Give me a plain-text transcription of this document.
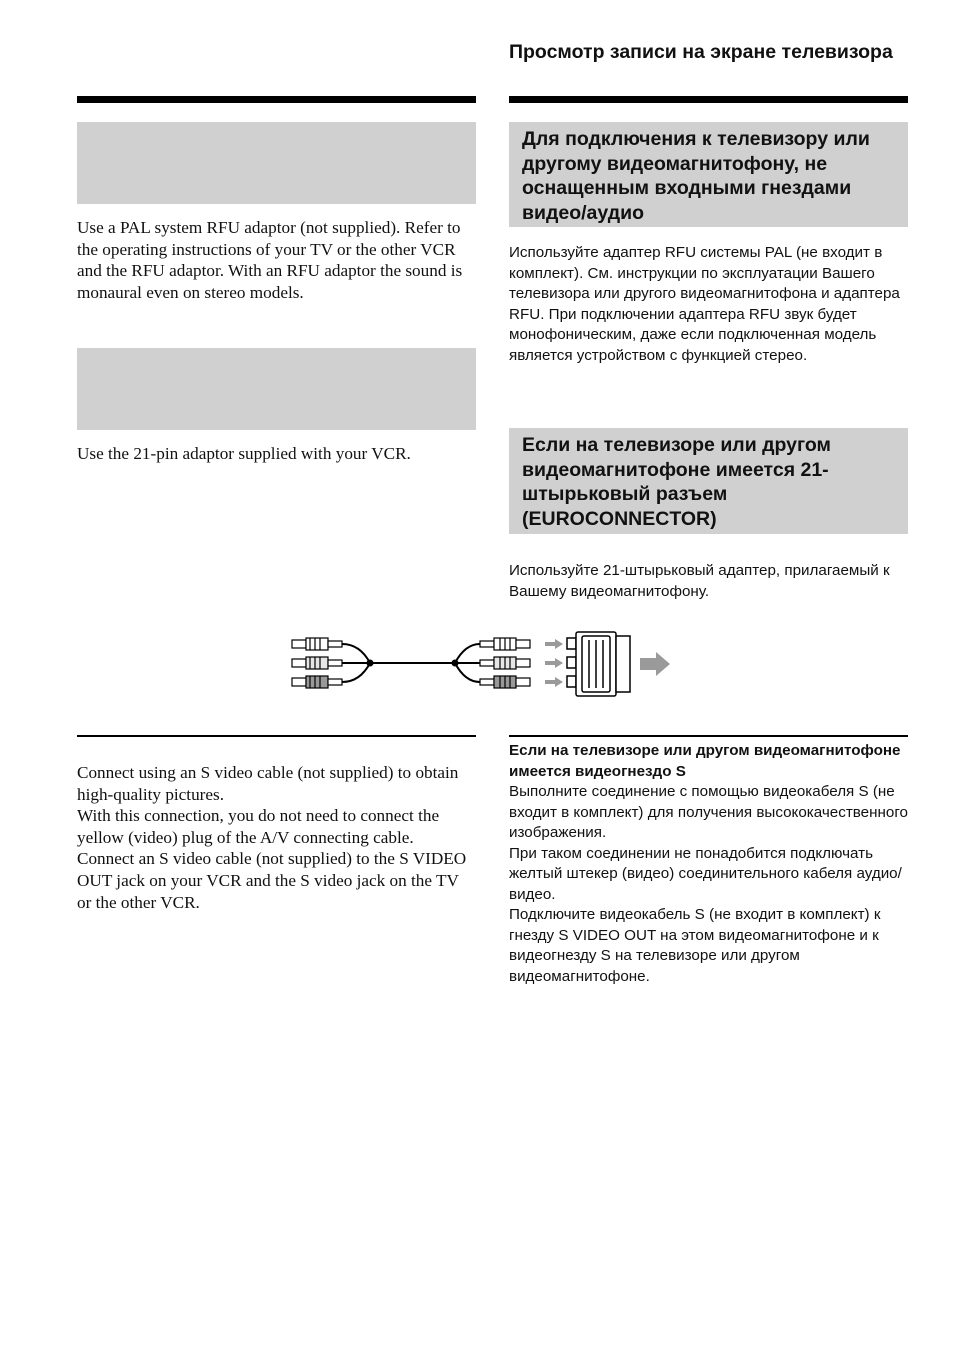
Use a PAL system RFU adaptor (not supplied). Refer to the operating instructions of your TV or the other VCR and the RFU adaptor. With an RFU adaptor the sound is monaural even on stereo models.

Use the 21-pin adaptor supplied with your VCR.

Connect using an S video cable (not supplied) to obtain high-quality pictures.

With this connection, you do not need to connect the yellow (video) plug of the A/V connecting cable.

Connect an S video cable (not supplied) to the S VIDEO OUT jack on your VCR and the S video jack on the TV or the other VCR.

Просмотр записи на экране телевизора
Для подключения к телевизору или другому видеомагнитофону, не оснащенным входными гнездами видео/аудио

Используйте адаптер RFU системы PAL (не входит в комплект). См. инструкции по эксплуатации Вашего телевизора или другого видеомагнитофона и адаптера RFU. При подключении адаптера RFU звук будет монофоническим, даже если подключенная модель является устройством с функцией стерео.

Если на телевизоре или другом видеомагнитофоне имеется 21-штырьковый разъем (EUROCONNECTOR)

Используйте 21-штырьковый адаптер, прилагаемый к Вашему видеомагнитофону.

Если на телевизоре или другом видеомагнитофоне имеется видеогнездо S

Выполните соединение с помощью видеокабеля S (не входит в комплект) для получения высококачественного изображения.

При таком соединении не понадобится подключать желтый штекер (видео) соединительного кабеля аудио/видео.

Подключите видеокабель S (не входит в комплект) к гнезду S VIDEO OUT на этом видеомагнитофоне и к видеогнезду S на телевизоре или другом видеомагнитофоне.
